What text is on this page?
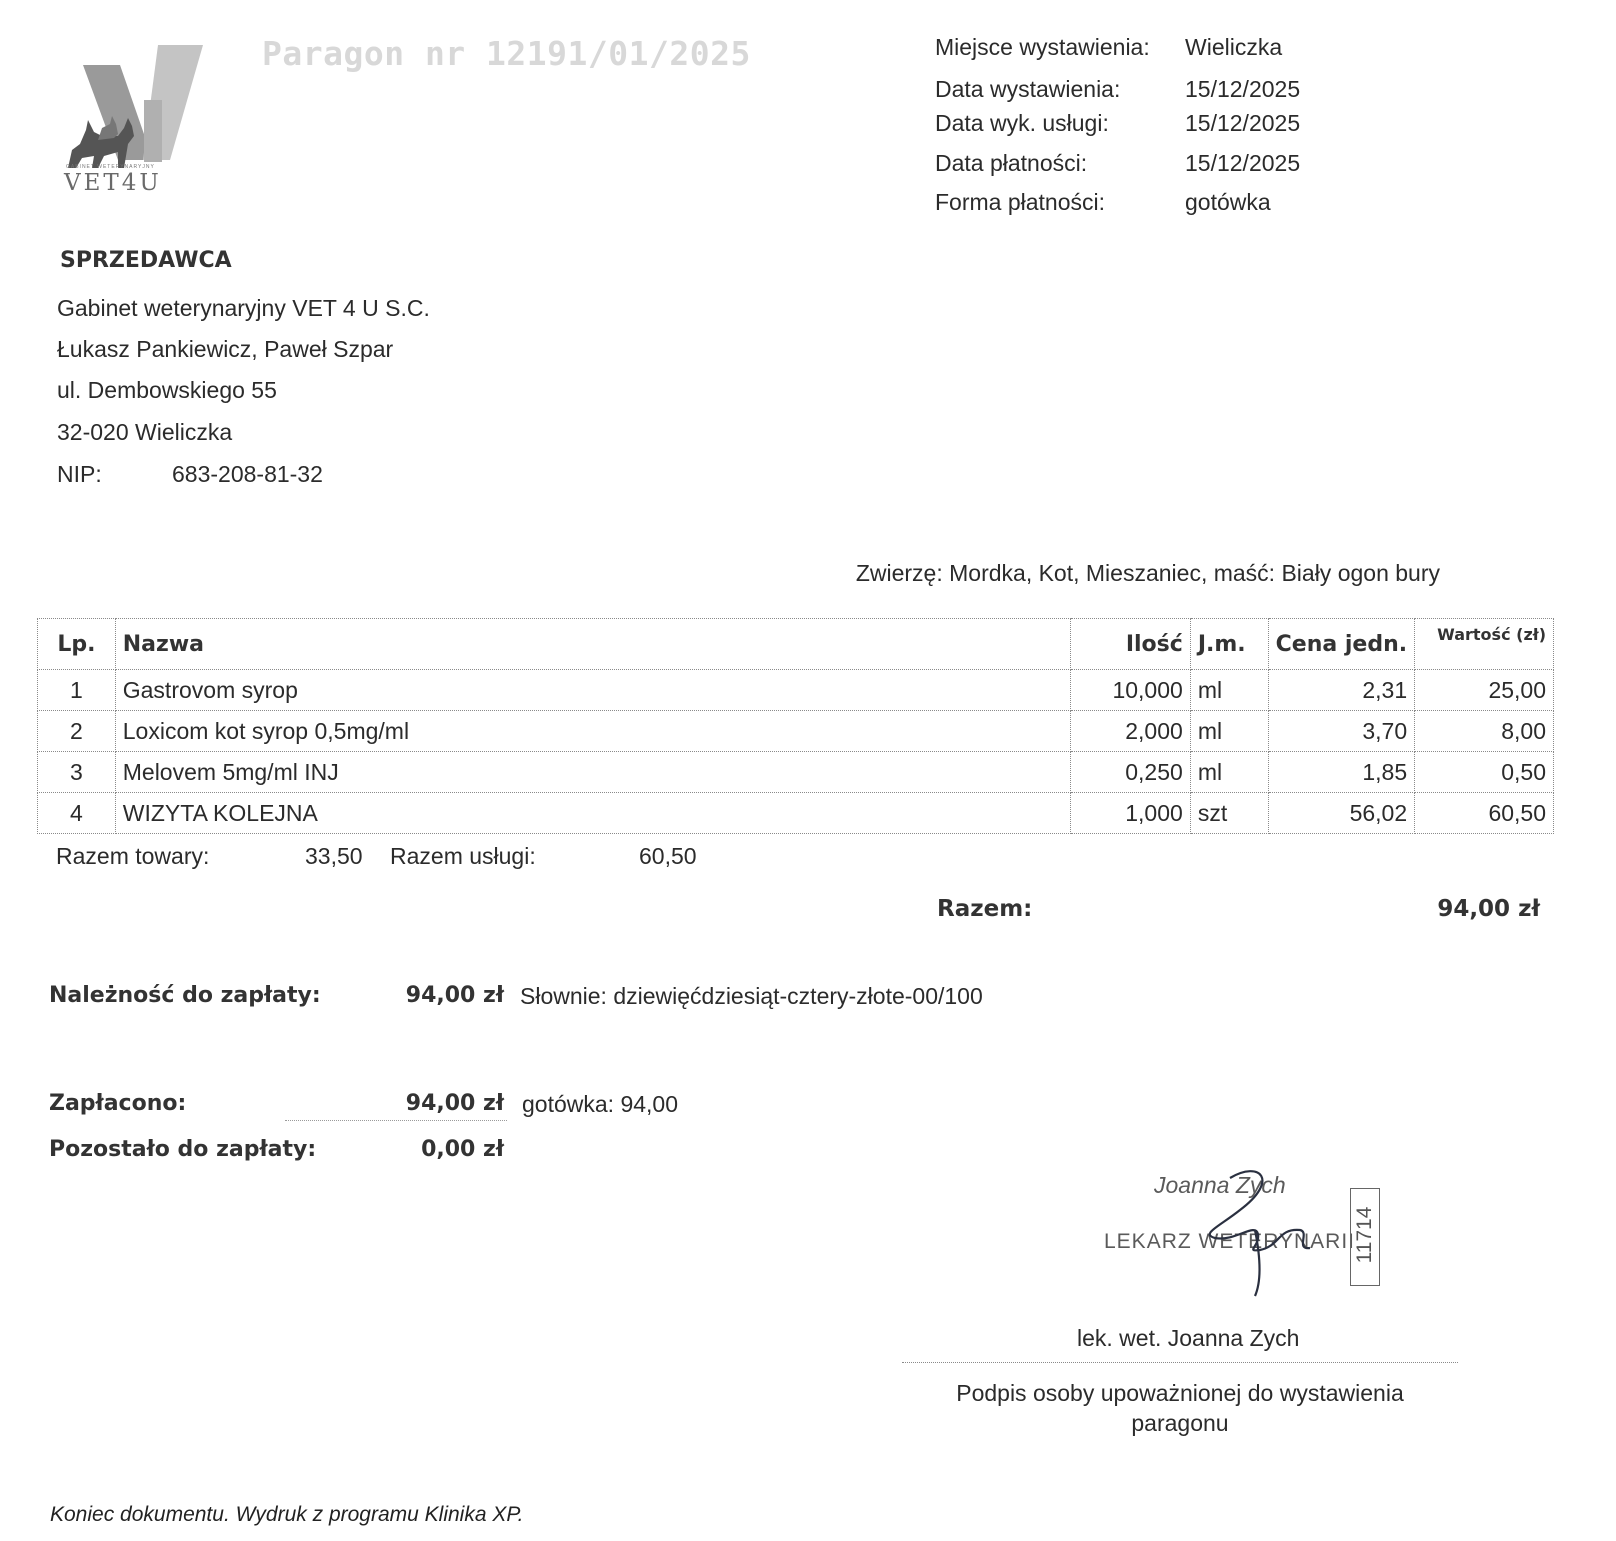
GABINET WETERYNARYJNY
VET4U
Paragon nr 12191/01/2025	Miejsce wystawienia: Wieliczka
Data wystawienia:	15/12/2025
Data wyk. usługi:	15/12/2025
Data płatności:	15/12/2025
Forma płatności:	gotówka
SPRZEDAWCA
Gabinet weterynaryjny VET 4 U S.C.
Łukasz Pankiewicz, Paweł Szpar
ul. Dembowskiego 55
32-020 Wieliczka
NIP:	683-208-81-32
Zwierzę: Mordka, Kot, Mieszaniec, maść: Biały ogon bury
Lp.	Nazwa	Ilość	J.m.	Cena jedn.	Wartość (zł)
1	Gastrovom syrop	10,000	ml	2,31	25,00
2	Loxicom kot syrop 0,5mg/ml	2,000	ml	3,70	8,00
3	Melovem 5mg/ml INJ	0,250	ml	1,85	0,50
4	WIZYTA KOLEJNA	1,000	szt	56,02	60,50
Razem towary:	33,50 Razem usługi:	60,50
Razem:	94,00 zł
Należność do zapłaty:	94,00 zł Słownie: dziewięćdziesiąt-cztery-złote-00/100
Zapłacono:	94,00 zł gotówka: 94,00
Pozostało do zapłaty:	0,00 zł
Joanna Zych
LEKARZ WETERYNARII
11714
lek. wet. Joanna Zych
Podpis osoby upoważnionej do wystawienia
paragonu
Koniec dokumentu. Wydruk z programu Klinika XP.
